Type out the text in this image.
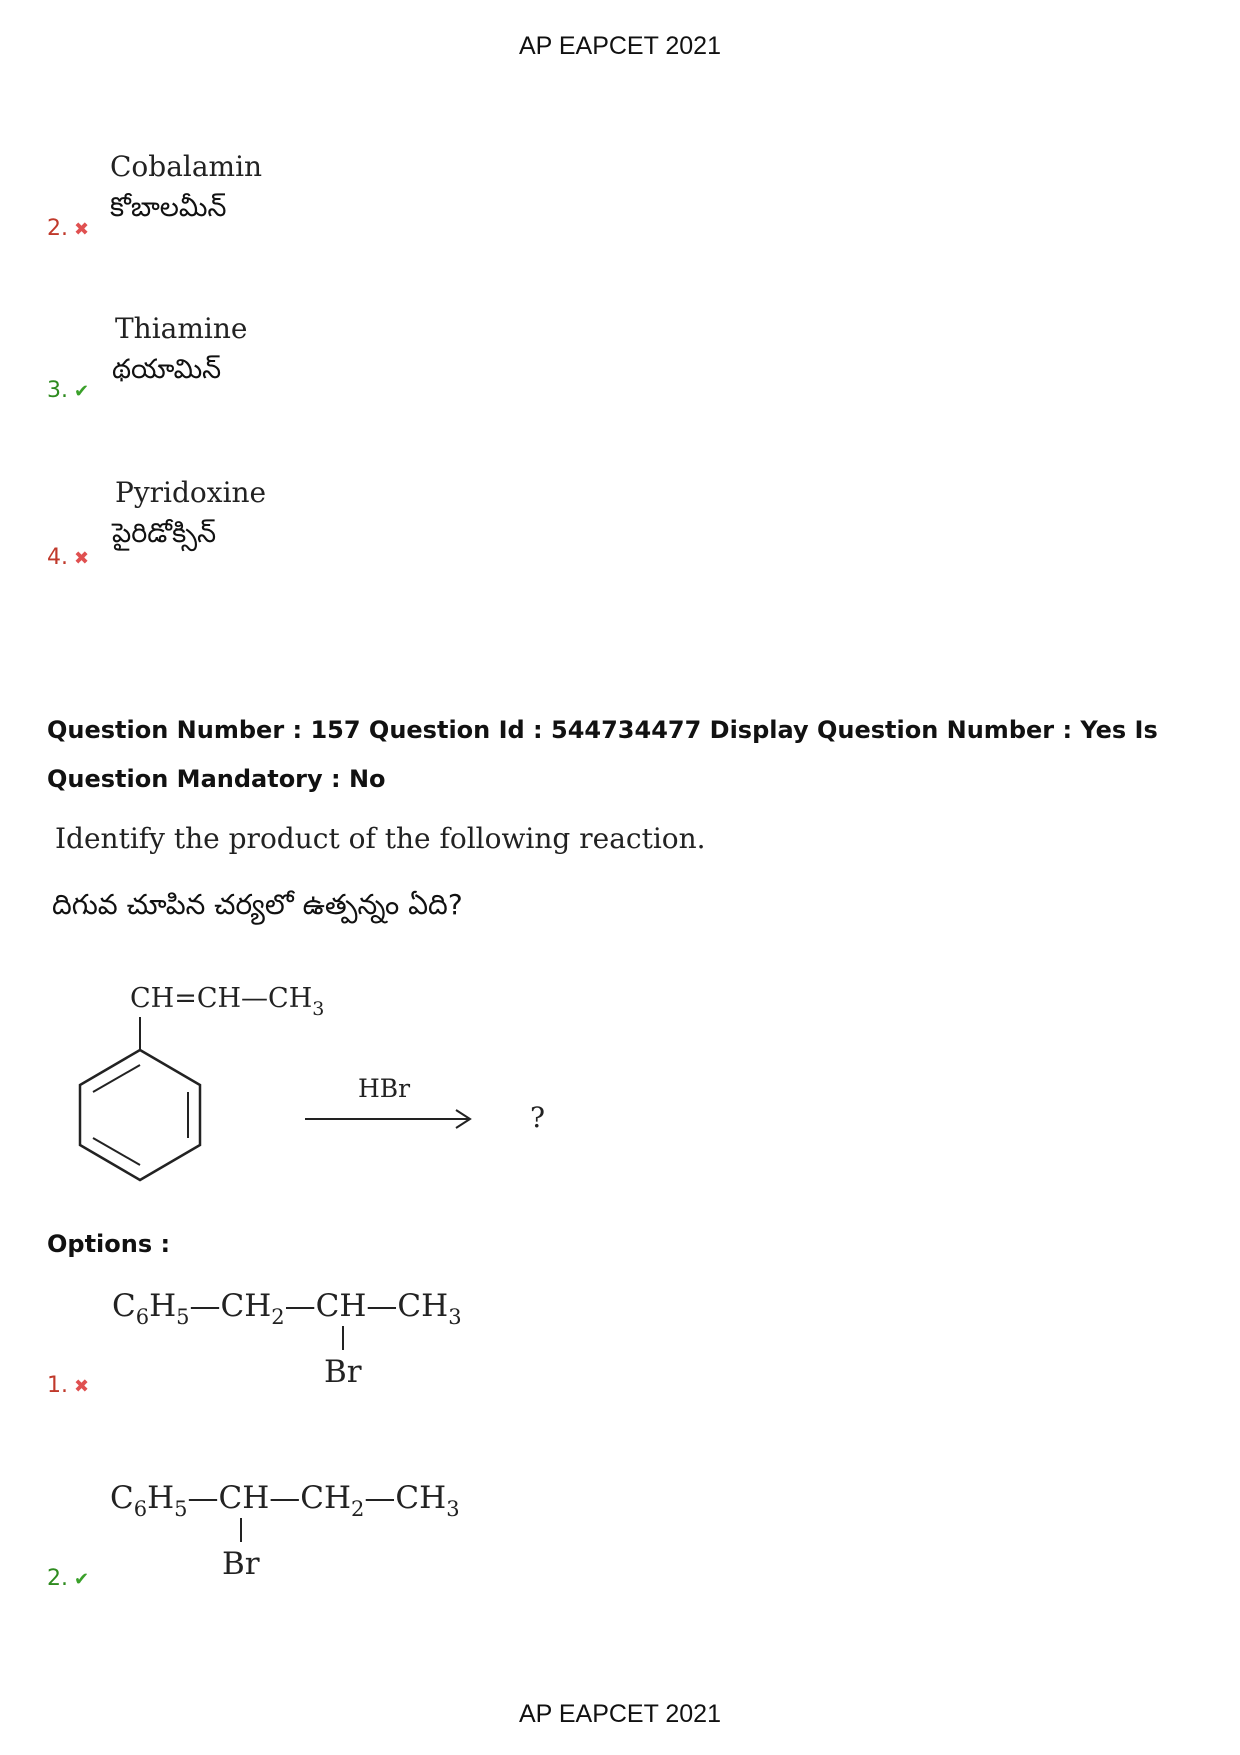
AP EAPCET 2021
Cobalamin
కోబాలమీన్
2. ✖
Thiamine
థయామిన్
3. ✔
Pyridoxine
పైరిడోక్సిన్
4. ✖
Question Number : 157 Question Id : 544734477 Display Question Number : Yes Is Question Mandatory : No
Identify the product of the following reaction.
దిగువ చూపిన చర్యలో ఉత్పన్నం ఏది?
$CH=CH—CH_3$
HBr
?
Options :
$C_6H_5—CH_2—CH—CH_3$
Br
1. ✖
$C_6H_5—CH—CH_2—CH_3$
Br
2. ✔
AP EAPCET 2021
